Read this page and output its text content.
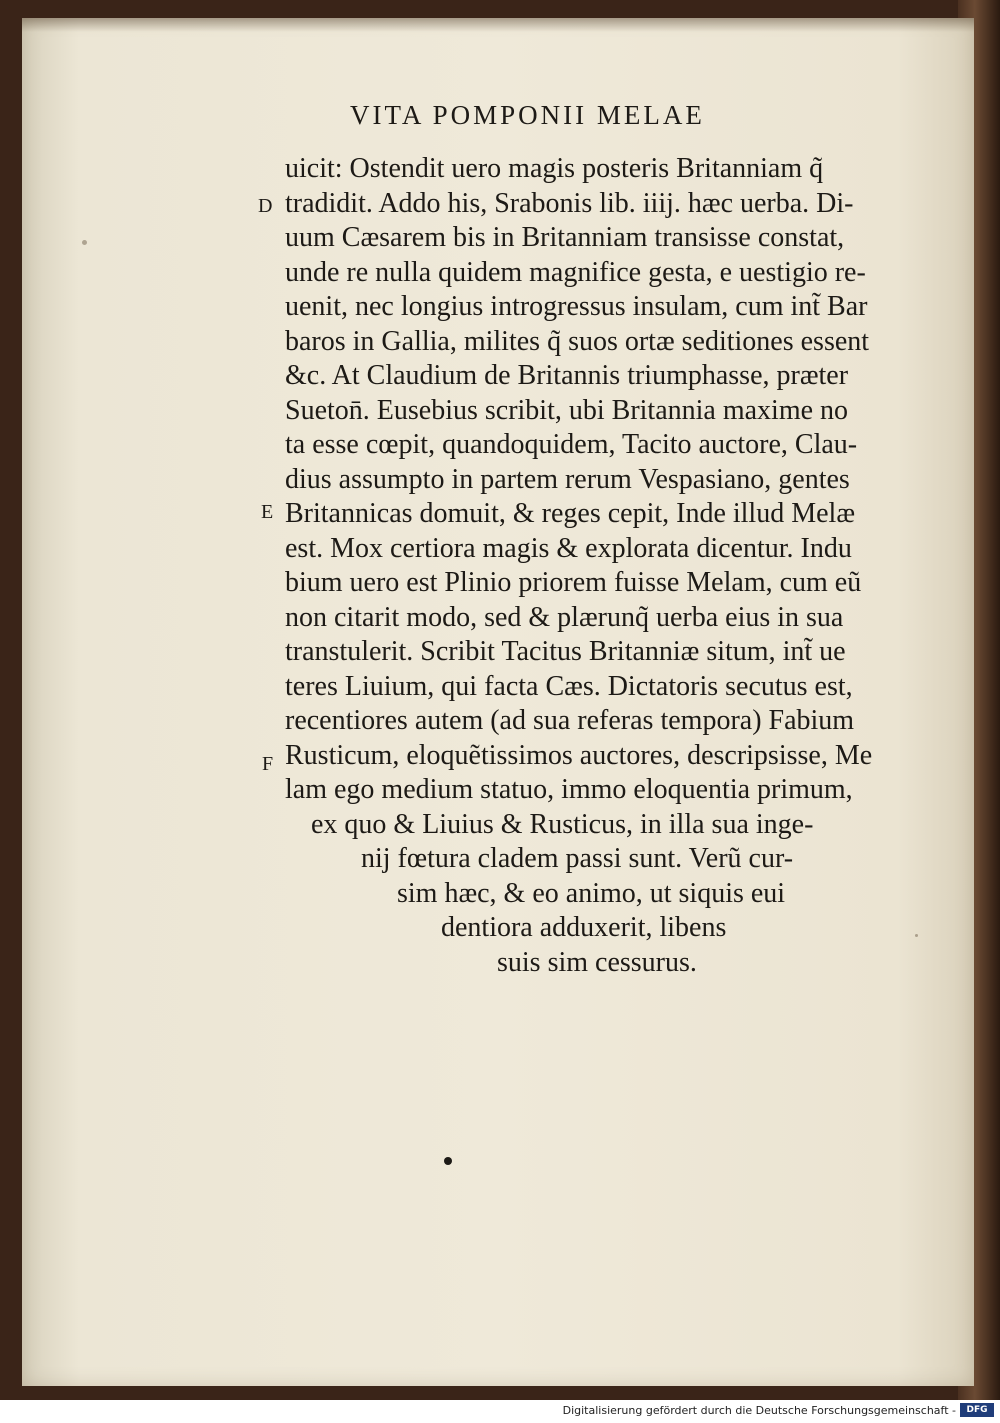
VITA POMPONII MELAE
uicit: Ostendit uero magis posteris Britanniam q̃
tradidit. Addo his, Srabonis lib. iiij. hæc uerba. Di-
uum Cæsarem bis in Britanniam transisse constat,
unde re nulla quidem magnifice gesta, e uestigio re-
uenit, nec longius introgressus insulam, cum int̃ Bar
baros in Gallia, milites q̃ suos ortæ seditiones essent
&c. At Claudium de Britannis triumphasse, præter
Sueton̄. Eusebius scribit, ubi Britannia maxime no
ta esse cœpit, quandoquidem, Tacito auctore, Clau-
dius assumpto in partem rerum Vespasiano, gentes
Britannicas domuit, & reges cepit, Inde illud Melæ
est. Mox certiora magis & explorata dicentur. Indu
bium uero est Plinio priorem fuisse Melam, cum eũ
non citarit modo, sed & plærunq̃ uerba eius in sua
transtulerit. Scribit Tacitus Britanniæ situm, int̃ ue
teres Liuium, qui facta Cæs. Dictatoris secutus est,
recentiores autem (ad sua referas tempora) Fabium
Rusticum, eloquẽtissimos auctores, descripsisse, Me
lam ego medium statuo, immo eloquentia primum,
ex quo & Liuius & Rusticus, in illa sua inge-
nij fœtura cladem passi sunt. Verũ cur-
sim hæc, & eo animo, ut siquis eui
dentiora adduxerit, libens
suis sim cessurus.
D
E
F
Digitalisierung gefördert durch die Deutsche Forschungsgemeinschaft -	DFG
